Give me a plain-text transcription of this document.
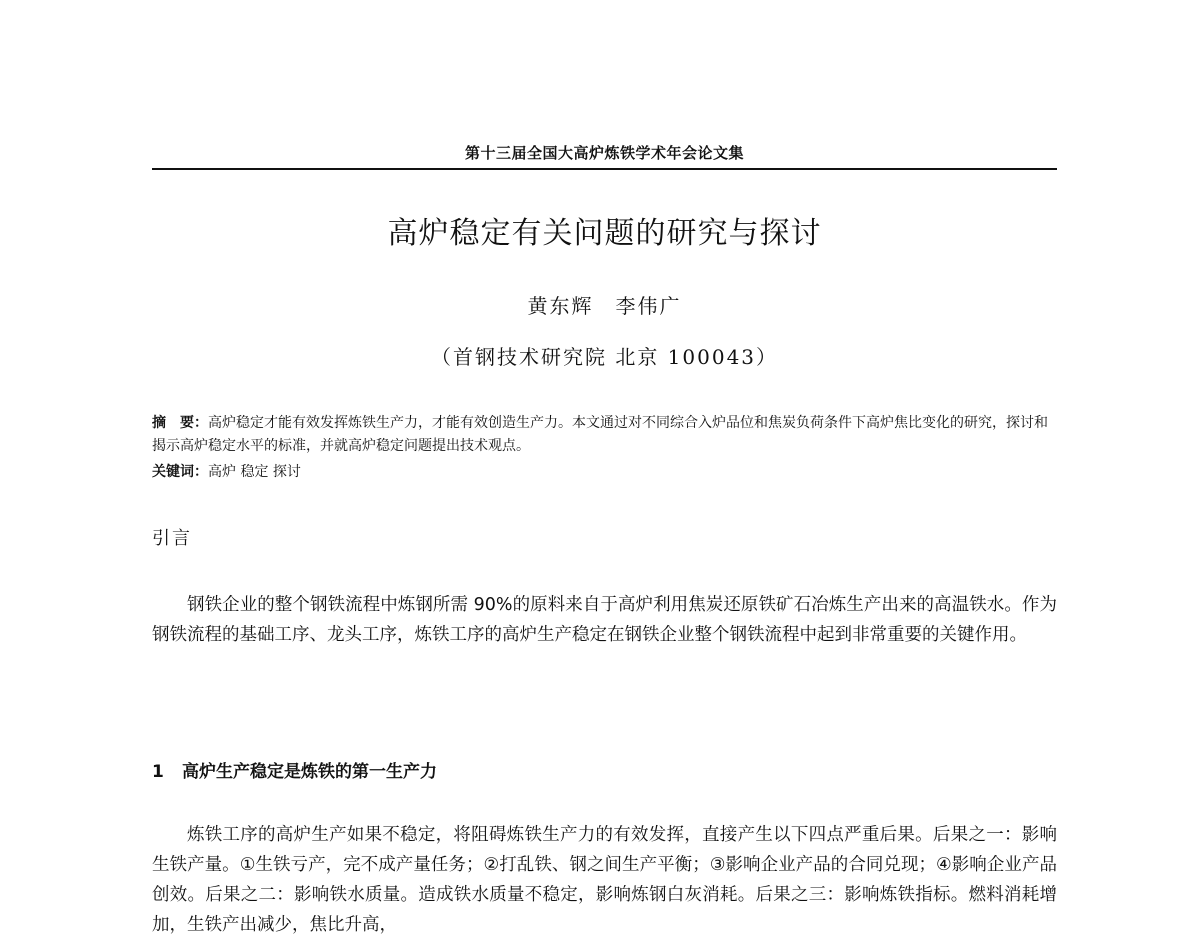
第十三届全国大高炉炼铁学术年会论文集
高炉稳定有关问题的研究与探讨
黄东辉　李伟广
（首钢技术研究院 北京 100043）
摘　要：高炉稳定才能有效发挥炼铁生产力，才能有效创造生产力。本文通过对不同综合入炉品位和焦炭负荷条件下高炉焦比变化的研究，探讨和揭示高炉稳定水平的标准，并就高炉稳定问题提出技术观点。
关键词：高炉 稳定 探讨
引言

钢铁企业的整个钢铁流程中炼钢所需 90%的原料来自于高炉利用焦炭还原铁矿石冶炼生产出来的高温铁水。作为钢铁流程的基础工序、龙头工序，炼铁工序的高炉生产稳定在钢铁企业整个钢铁流程中起到非常重要的关键作用。

1 高炉生产稳定是炼铁的第一生产力

炼铁工序的高炉生产如果不稳定，将阻碍炼铁生产力的有效发挥，直接产生以下四点严重后果。后果之一：影响生铁产量。①生铁亏产，完不成产量任务；②打乱铁、钢之间生产平衡；③影响企业产品的合同兑现；④影响企业产品创效。后果之二：影响铁水质量。造成铁水质量不稳定，影响炼钢白灰消耗。后果之三：影响炼铁指标。燃料消耗增加，生铁产出减少，焦比升高，
